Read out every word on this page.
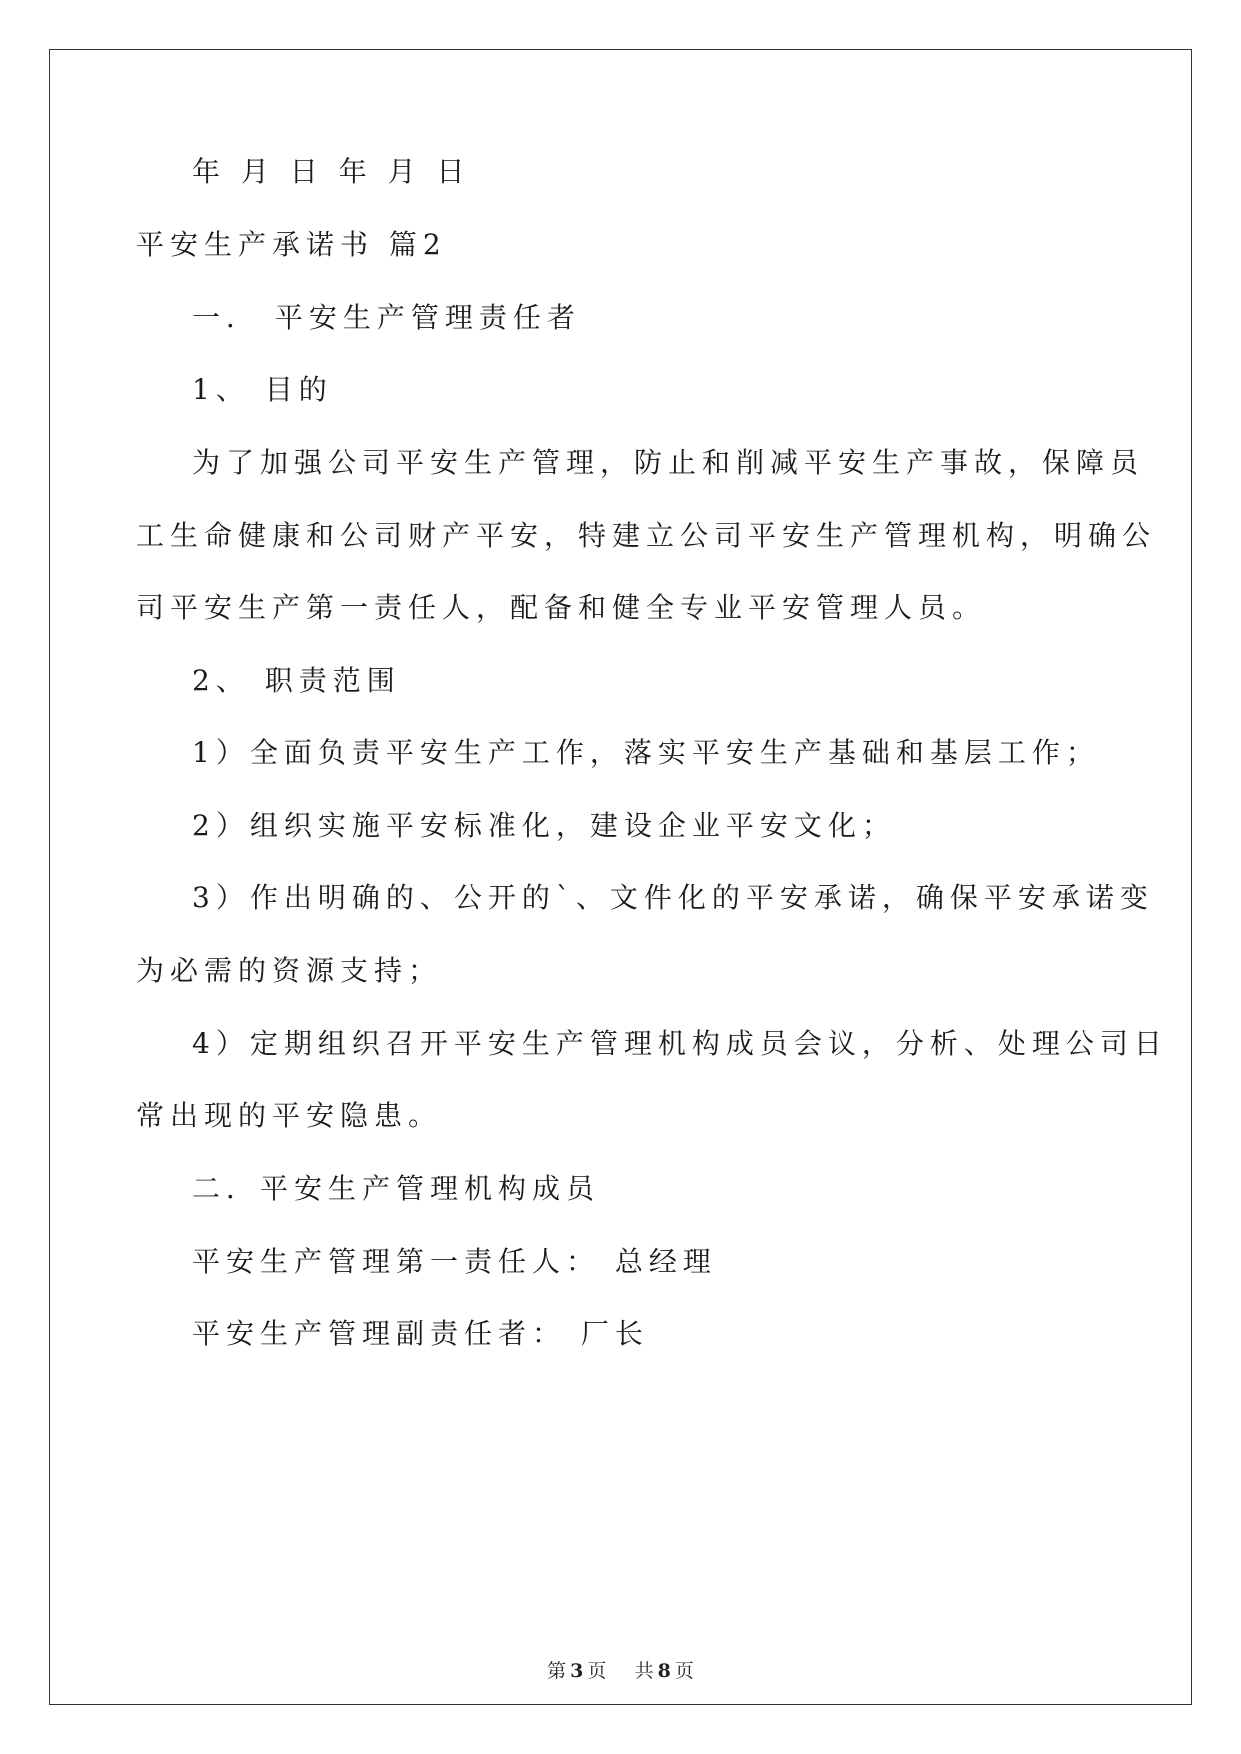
年 月 日 年 月 日
平安生产承诺书 篇2
一． 平安生产管理责任者
1、 目的
为了加强公司平安生产管理，防止和削减平安生产事故，保障员
工生命健康和公司财产平安，特建立公司平安生产管理机构，明确公
司平安生产第一责任人，配备和健全专业平安管理人员。
2、 职责范围
1）全面负责平安生产工作，落实平安生产基础和基层工作；
2）组织实施平安标准化，建设企业平安文化；
3）作出明确的、公开的`、文件化的平安承诺，确保平安承诺变
为必需的资源支持；
4）定期组织召开平安生产管理机构成员会议，分析、处理公司日
常出现的平安隐患。
二．平安生产管理机构成员
平安生产管理第一责任人： 总经理
平安生产管理副责任者： 厂长
第 3 页 共 8 页
